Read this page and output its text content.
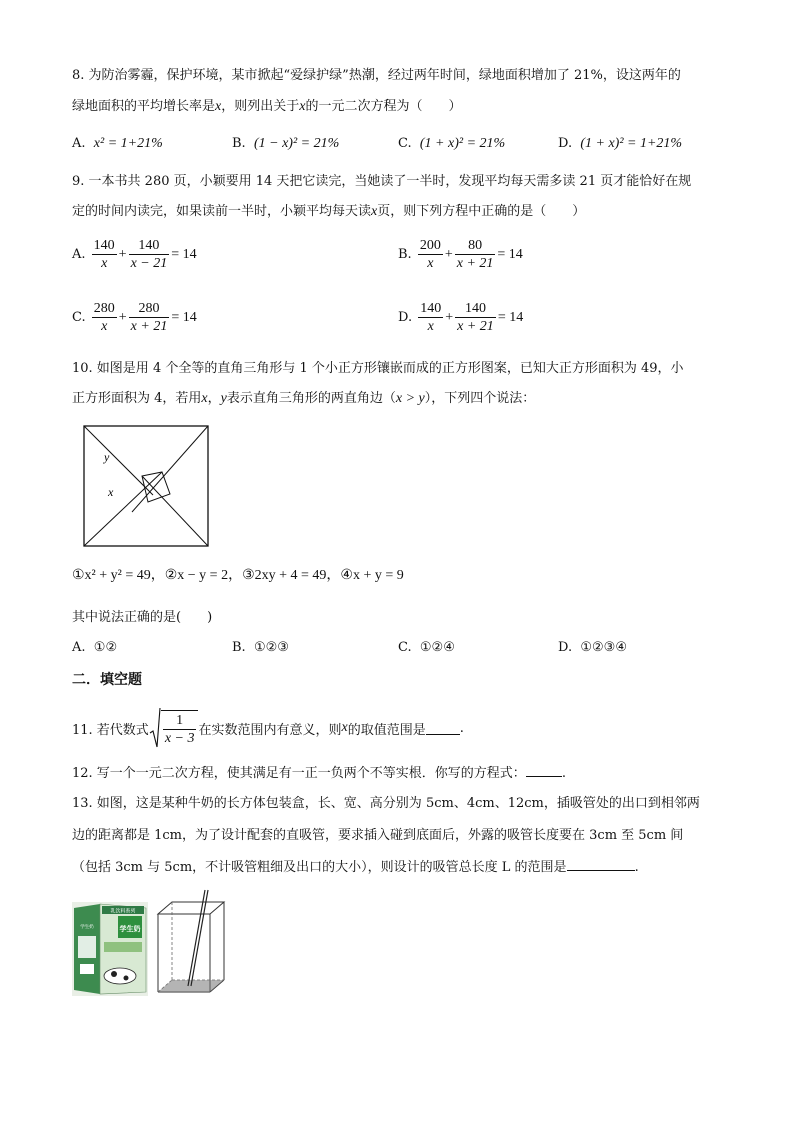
8. 为防治雾霾，保护环境，某市掀起“爱绿护绿”热潮，经过两年时间，绿地面积增加了 21%，设这两年的
绿地面积的平均增长率是x，则列出关于x的一元二次方程为（　　）
A. x² = 1+21%	B. (1 − x)² = 21%	C. (1 + x)² = 21%	D. (1 + x)² = 1+21%
9. 一本书共 280 页，小颖要用 14 天把它读完，当她读了一半时，发现平均每天需多读 21 页才能恰好在规
定的时间内读完，如果读前一半时，小颖平均每天读x页，则下列方程中正确的是（　　）
A. $\frac{140}{x} + \frac{140}{x - 21} = 14$	B. $\frac{200}{x} + \frac{80}{x + 21} = 14$
C. $\frac{280}{x} + \frac{280}{x + 21} = 14$	D. $\frac{140}{x} + \frac{140}{x + 21} = 14$
10. 如图是用 4 个全等的直角三角形与 1 个小正方形镶嵌而成的正方形图案，已知大正方形面积为 49，小
正方形面积为 4，若用x，y表示直角三角形的两直角边（x > y），下列四个说法：
y
x
①x² + y² = 49，②x − y = 2，③2xy + 4 = 49，④x + y = 9
其中说法正确的是(　　)
A. ①②	B. ①②③	C. ①②④	D. ①②③④
二．填空题
11. 若代数式 $\frac{1}{x - 3}$ 在实数范围内有意义，则 x 的取值范围是	.
12. 写一个一元二次方程，使其满足有一正一负两个不等实根．你写的方程式：	.
13. 如图，这是某种牛奶的长方体包装盒，长、宽、高分别为 5cm、4cm、12cm，插吸管处的出口到相邻两
边的距离都是 1cm，为了设计配套的直吸管，要求插入碰到底面后，外露的吸管长度要在 3cm 至 5cm 间
（包括 3cm 与 5cm，不计吸管粗细及出口的大小），则设计的吸管总长度 L 的范围是	.
乳饮料系列
学生奶
学生奶
